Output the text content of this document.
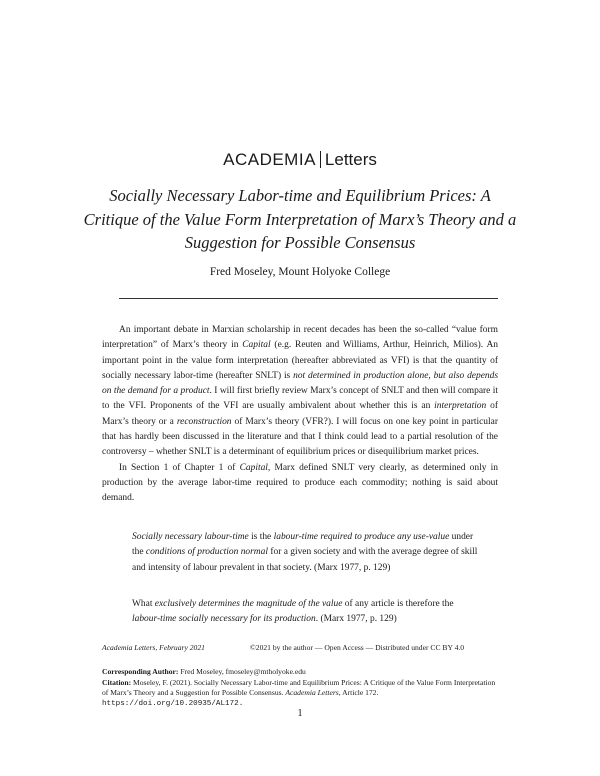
ACADEMIA Letters
Socially Necessary Labor-time and Equilibrium Prices: A Critique of the Value Form Interpretation of Marx’s Theory and a Suggestion for Possible Consensus
Fred Moseley, Mount Holyoke College

An important debate in Marxian scholarship in recent decades has been the so-called “value form interpretation” of Marx’s theory in Capital (e.g. Reuten and Williams, Arthur, Heinrich, Milios). An important point in the value form interpretation (hereafter abbreviated as VFI) is that the quantity of socially necessary labor-time (hereafter SNLT) is not determined in production alone, but also depends on the demand for a product. I will first briefly review Marx’s concept of SNLT and then will compare it to the VFI. Proponents of the VFI are usually ambivalent about whether this is an interpretation of Marx’s theory or a reconstruction of Marx’s theory (VFR?). I will focus on one key point in particular that has hardly been discussed in the literature and that I think could lead to a partial resolution of the controversy – whether SNLT is a determinant of equilibrium prices or disequilibrium market prices.

In Section 1 of Chapter 1 of Capital, Marx defined SNLT very clearly, as determined only in production by the average labor-time required to produce each commodity; nothing is said about demand.

Socially necessary labour-time is the labour-time required to produce any use-value under the conditions of production normal for a given society and with the average degree of skill and intensity of labour prevalent in that society. (Marx 1977, p. 129)
What exclusively determines the magnitude of the value of any article is therefore the labour-time socially necessary for its production. (Marx 1977, p. 129)
Academia Letters, February 2021	©2021 by the author — Open Access — Distributed under CC BY 4.0
Corresponding Author: Fred Moseley, fmoseley@mtholyoke.edu
Citation: Moseley, F. (2021). Socially Necessary Labor-time and Equilibrium Prices: A Critique of the Value Form Interpretation of Marx’s Theory and a Suggestion for Possible Consensus. Academia Letters, Article 172.
https://doi.org/10.20935/AL172.
1
